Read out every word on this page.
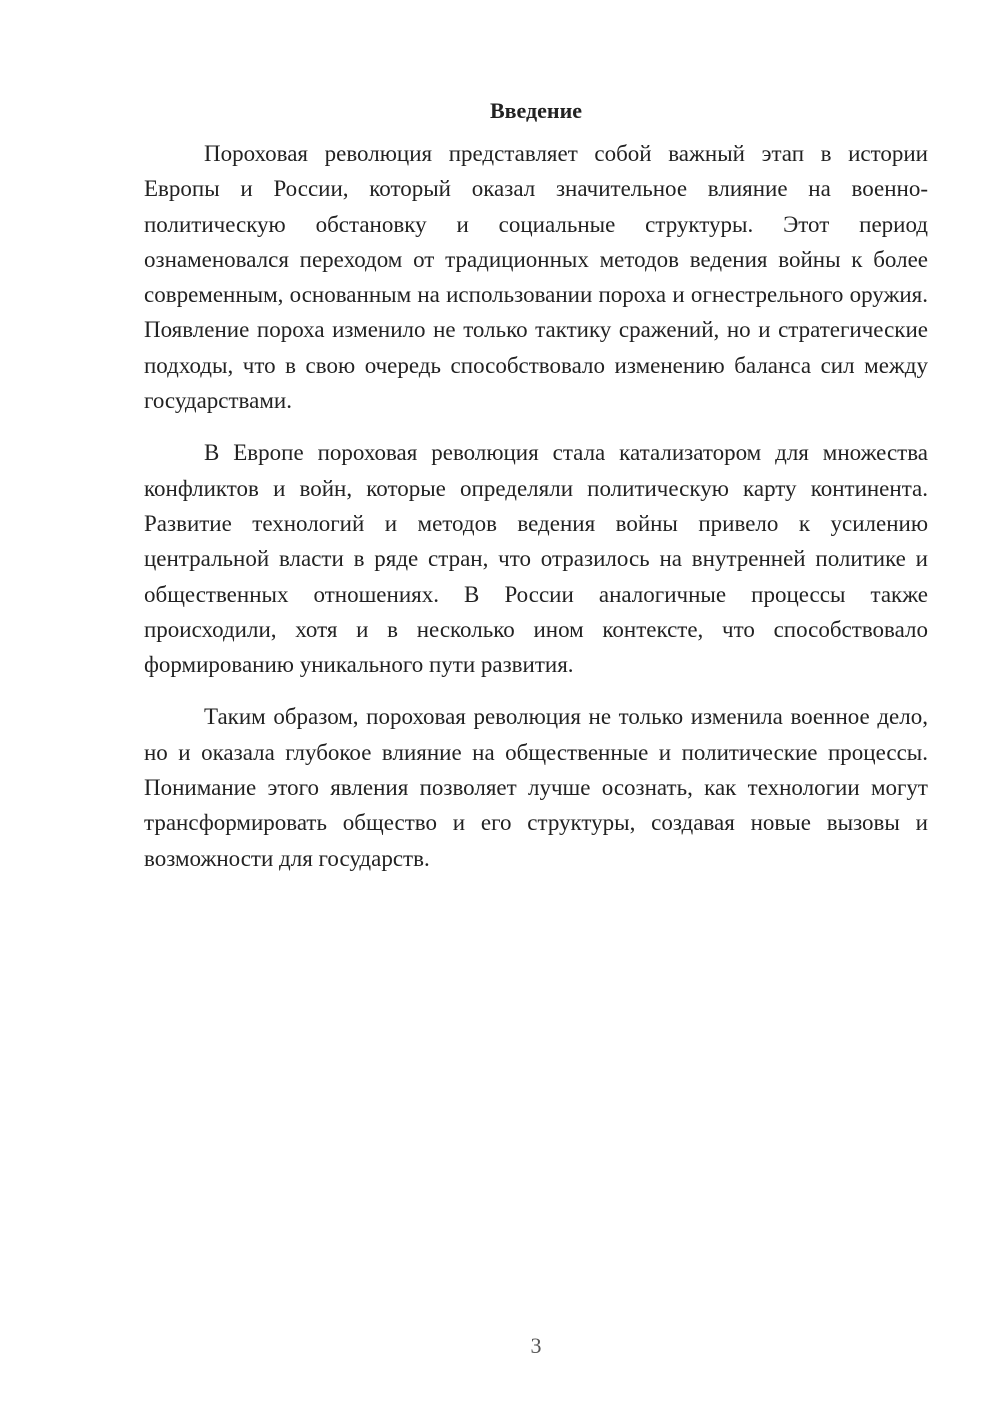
Введение

Пороховая революция представляет собой важный этап в истории Европы и России, который оказал значительное влияние на военно-политическую обстановку и социальные структуры. Этот период ознаменовался переходом от традиционных методов ведения войны к более современным, основанным на использовании пороха и огнестрельного оружия. Появление пороха изменило не только тактику сражений, но и стратегические подходы, что в свою очередь способствовало изменению баланса сил между государствами.

В Европе пороховая революция стала катализатором для множества конфликтов и войн, которые определяли политическую карту континента. Развитие технологий и методов ведения войны привело к усилению центральной власти в ряде стран, что отразилось на внутренней политике и общественных отношениях. В России аналогичные процессы также происходили, хотя и в несколько ином контексте, что способствовало формированию уникального пути развития.

Таким образом, пороховая революция не только изменила военное дело, но и оказала глубокое влияние на общественные и политические процессы. Понимание этого явления позволяет лучше осознать, как технологии могут трансформировать общество и его структуры, создавая новые вызовы и возможности для государств.

3
